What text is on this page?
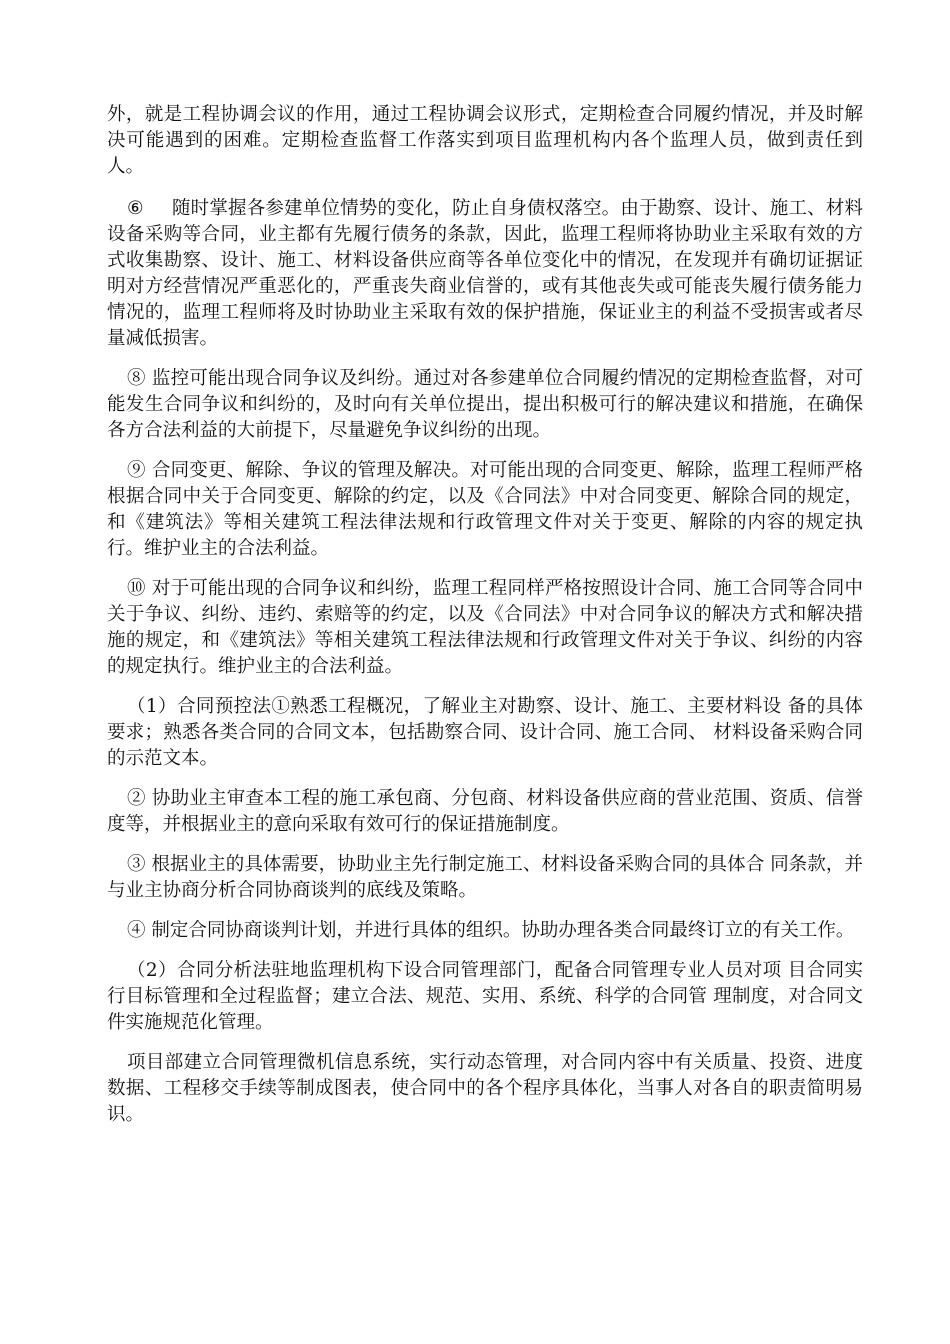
外，就是工程协调会议的作用，通过工程协调会议形式，定期检查合同履约情况，并及时解决可能遇到的困难。定期检查监督工作落实到项目监理机构内各个监理人员，做到责任到人。

⑥ 随时掌握各参建单位情势的变化，防止自身债权落空。由于勘察、设计、施工、材料设备采购等合同，业主都有先履行债务的条款，因此，监理工程师将协助业主采取有效的方式收集勘察、设计、施工、材料设备供应商等各单位变化中的情况，在发现并有确切证据证明对方经营情况严重恶化的，严重丧失商业信誉的，或有其他丧失或可能丧失履行债务能力情况的，监理工程师将及时协助业主采取有效的保护措施，保证业主的利益不受损害或者尽量减低损害。

⑧ 监控可能出现合同争议及纠纷。通过对各参建单位合同履约情况的定期检查监督，对可能发生合同争议和纠纷的，及时向有关单位提出，提出积极可行的解决建议和措施，在确保各方合法利益的大前提下，尽量避免争议纠纷的出现。

⑨ 合同变更、解除、争议的管理及解决。对可能出现的合同变更、解除，监理工程师严格根据合同中关于合同变更、解除的约定，以及《合同法》中对合同变更、解除合同的规定，和《建筑法》等相关建筑工程法律法规和行政管理文件对关于变更、解除的内容的规定执行。维护业主的合法利益。

⑩ 对于可能出现的合同争议和纠纷，监理工程同样严格按照设计合同、施工合同等合同中关于争议、纠纷、违约、索赔等的约定，以及《合同法》中对合同争议的解决方式和解决措施的规定，和《建筑法》等相关建筑工程法律法规和行政管理文件对关于争议、纠纷的内容的规定执行。维护业主的合法利益。

（1）合同预控法①熟悉工程概况，了解业主对勘察、设计、施工、主要材料设 备的具体要求；熟悉各类合同的合同文本，包括勘察合同、设计合同、施工合同、 材料设备采购合同的示范文本。

② 协助业主审查本工程的施工承包商、分包商、材料设备供应商的营业范围、资质、信誉度等，并根据业主的意向采取有效可行的保证措施制度。

③ 根据业主的具体需要，协助业主先行制定施工、材料设备采购合同的具体合 同条款，并与业主协商分析合同协商谈判的底线及策略。

④ 制定合同协商谈判计划，并进行具体的组织。协助办理各类合同最终订立的有关工作。

（2）合同分析法驻地监理机构下设合同管理部门，配备合同管理专业人员对项 目合同实行目标管理和全过程监督；建立合法、规范、实用、系统、科学的合同管 理制度，对合同文件实施规范化管理。

项目部建立合同管理微机信息系统，实行动态管理，对合同内容中有关质量、投资、进度数据、工程移交手续等制成图表，使合同中的各个程序具体化，当事人对各自的职责简明易识。
